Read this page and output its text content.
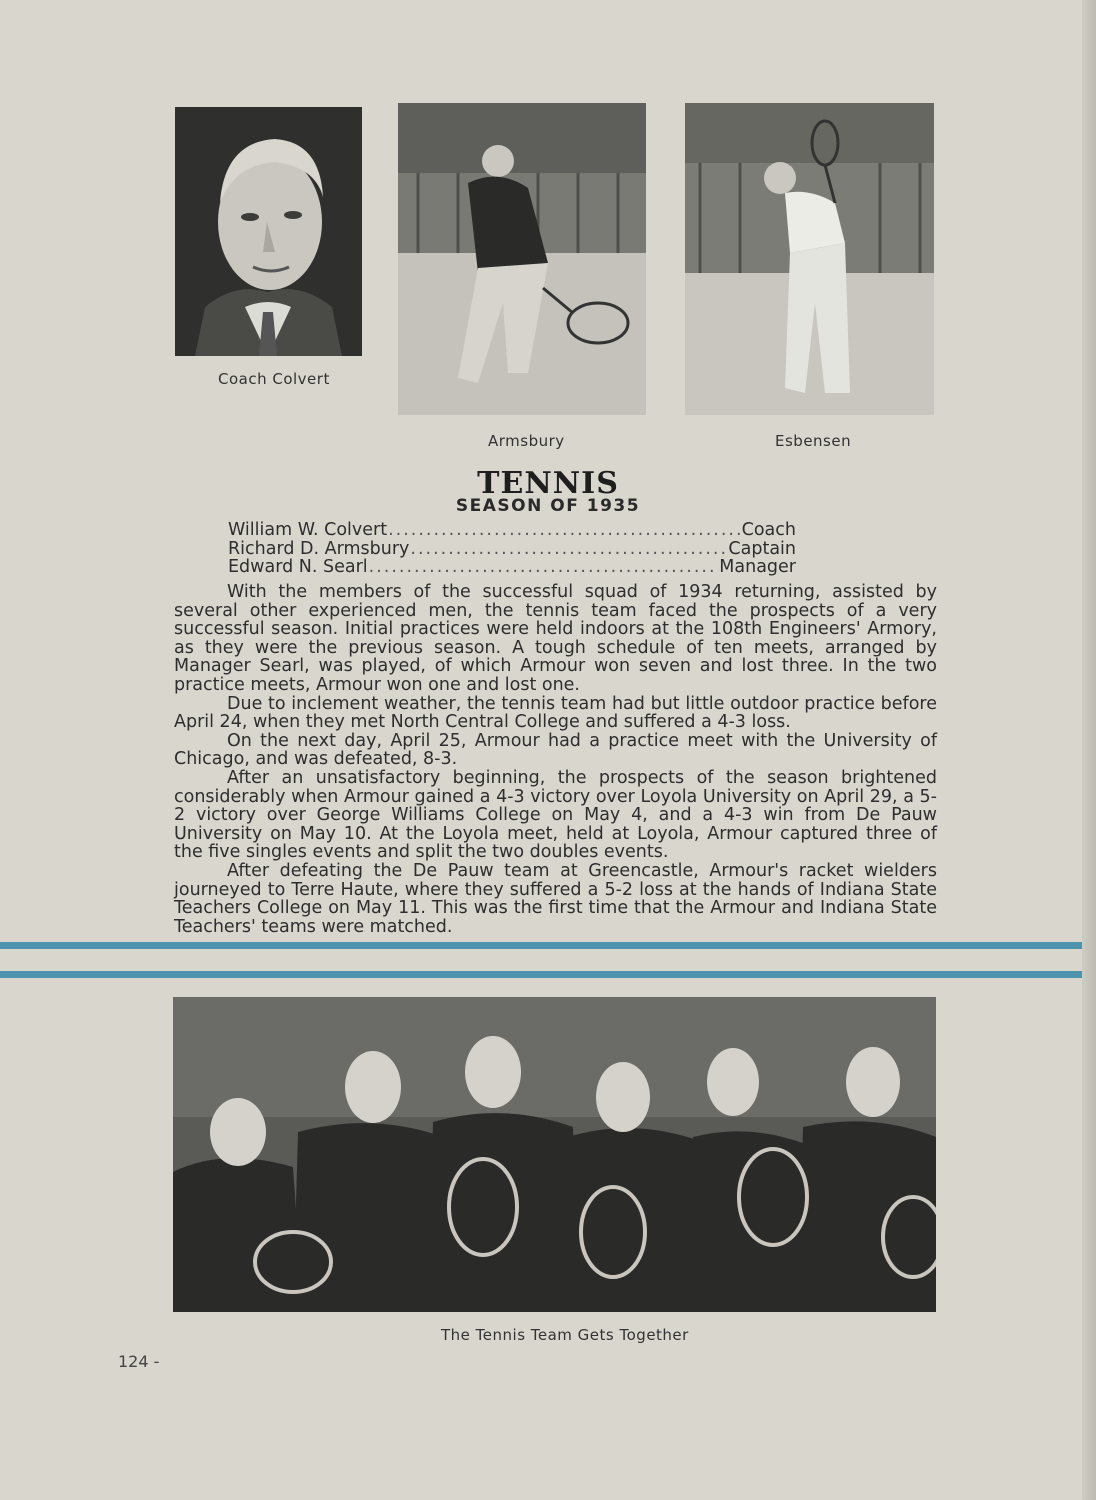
Coach Colvert
Armsbury	Esbensen
TENNIS
SEASON OF 1935
William W. Colvert .....	Coach
Richard D. Armsbury .....	Captain
Edward N. Searl .....	Manager

With the members of the successful squad of 1934 returning, assisted by several other experienced men, the tennis team faced the prospects of a very successful season. Initial practices were held indoors at the 108th Engineers' Armory, as they were the previous season. A tough schedule of ten meets, arranged by Manager Searl, was played, of which Armour won seven and lost three. In the two practice meets, Armour won one and lost one.

Due to inclement weather, the tennis team had but little outdoor practice before April 24, when they met North Central College and suffered a 4-3 loss.

On the next day, April 25, Armour had a practice meet with the University of Chicago, and was defeated, 8-3.

After an unsatisfactory beginning, the prospects of the season brightened considerably when Armour gained a 4-3 victory over Loyola University on April 29, a 5-2 victory over George Williams College on May 4, and a 4-3 win from De Pauw University on May 10. At the Loyola meet, held at Loyola, Armour captured three of the five singles events and split the two doubles events.

After defeating the De Pauw team at Greencastle, Armour's racket wielders journeyed to Terre Haute, where they suffered a 5-2 loss at the hands of Indiana State Teachers College on May 11. This was the first time that the Armour and Indiana State Teachers' teams were matched.

The Tennis Team Gets Together
124 -
